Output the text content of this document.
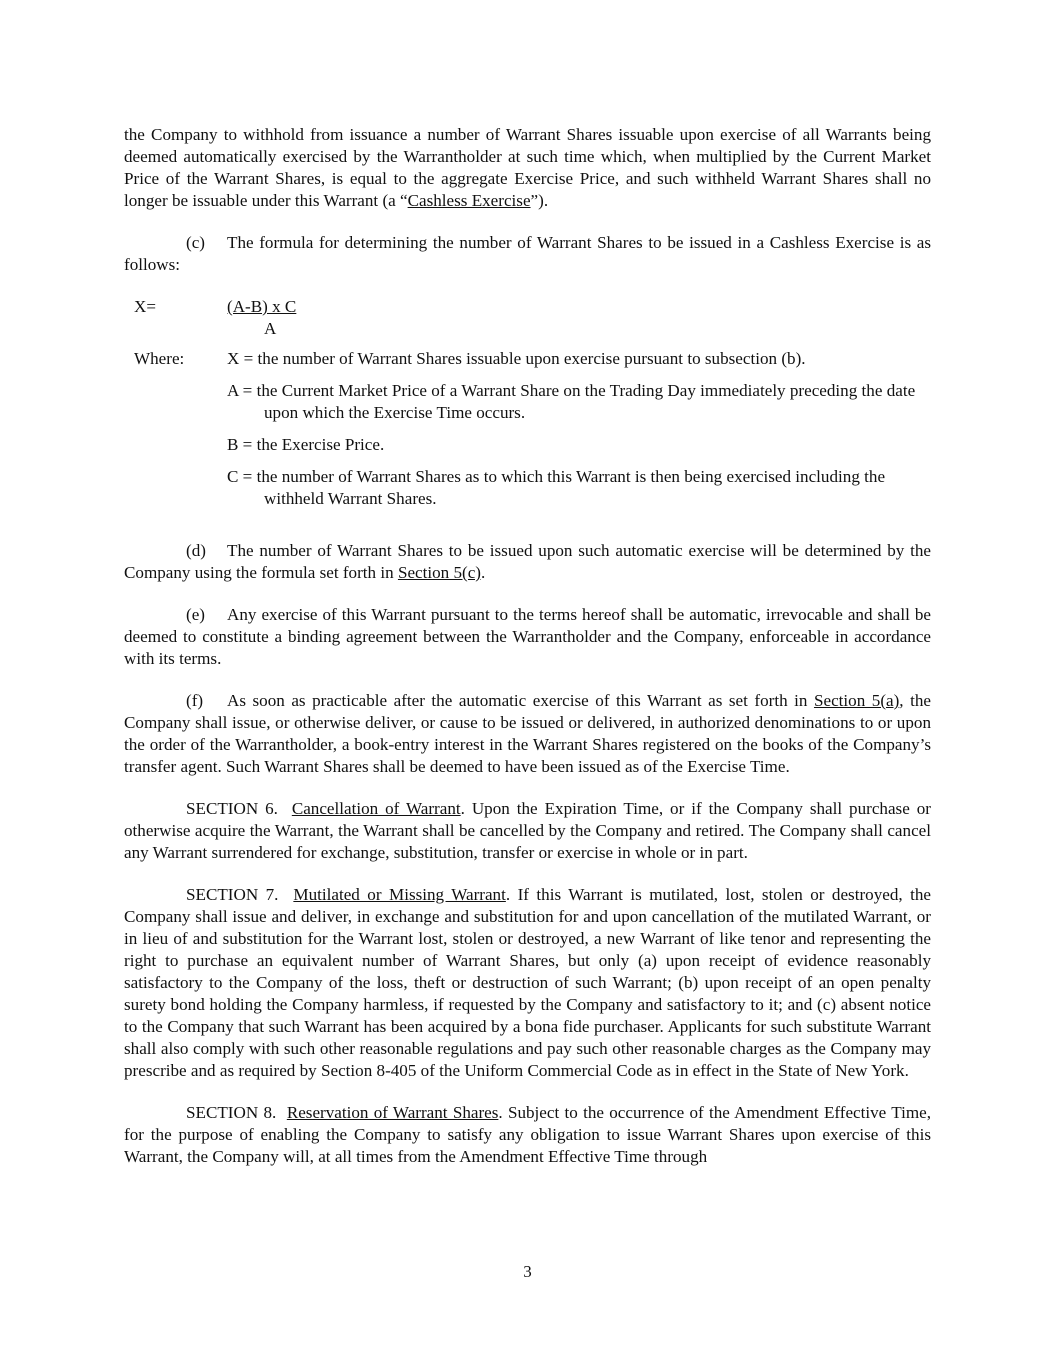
the Company to withhold from issuance a number of Warrant Shares issuable upon exercise of all Warrants being deemed automatically exercised by the Warrantholder at such time which, when multiplied by the Current Market Price of the Warrant Shares, is equal to the aggregate Exercise Price, and such withheld Warrant Shares shall no longer be issuable under this Warrant (a “Cashless Exercise”).

(c) The formula for determining the number of Warrant Shares to be issued in a Cashless Exercise is as follows:

X=	(A-B) x C
A
Where: X = the number of Warrant Shares issuable upon exercise pursuant to subsection (b).

A = the Current Market Price of a Warrant Share on the Trading Day immediately preceding the date upon which the Exercise Time occurs.

B = the Exercise Price.

C = the number of Warrant Shares as to which this Warrant is then being exercised including the withheld Warrant Shares.

(d) The number of Warrant Shares to be issued upon such automatic exercise will be determined by the Company using the formula set forth in Section 5(c).

(e) Any exercise of this Warrant pursuant to the terms hereof shall be automatic, irrevocable and shall be deemed to constitute a binding agreement between the Warrantholder and the Company, enforceable in accordance with its terms.

(f) As soon as practicable after the automatic exercise of this Warrant as set forth in Section 5(a), the Company shall issue, or otherwise deliver, or cause to be issued or delivered, in authorized denominations to or upon the order of the Warrantholder, a book-entry interest in the Warrant Shares registered on the books of the Company’s transfer agent. Such Warrant Shares shall be deemed to have been issued as of the Exercise Time.

SECTION 6. Cancellation of Warrant. Upon the Expiration Time, or if the Company shall purchase or otherwise acquire the Warrant, the Warrant shall be cancelled by the Company and retired. The Company shall cancel any Warrant surrendered for exchange, substitution, transfer or exercise in whole or in part.

SECTION 7. Mutilated or Missing Warrant. If this Warrant is mutilated, lost, stolen or destroyed, the Company shall issue and deliver, in exchange and substitution for and upon cancellation of the mutilated Warrant, or in lieu of and substitution for the Warrant lost, stolen or destroyed, a new Warrant of like tenor and representing the right to purchase an equivalent number of Warrant Shares, but only (a) upon receipt of evidence reasonably satisfactory to the Company of the loss, theft or destruction of such Warrant; (b) upon receipt of an open penalty surety bond holding the Company harmless, if requested by the Company and satisfactory to it; and (c) absent notice to the Company that such Warrant has been acquired by a bona fide purchaser. Applicants for such substitute Warrant shall also comply with such other reasonable regulations and pay such other reasonable charges as the Company may prescribe and as required by Section 8-405 of the Uniform Commercial Code as in effect in the State of New York.

SECTION 8. Reservation of Warrant Shares. Subject to the occurrence of the Amendment Effective Time, for the purpose of enabling the Company to satisfy any obligation to issue Warrant Shares upon exercise of this Warrant, the Company will, at all times from the Amendment Effective Time through

3
